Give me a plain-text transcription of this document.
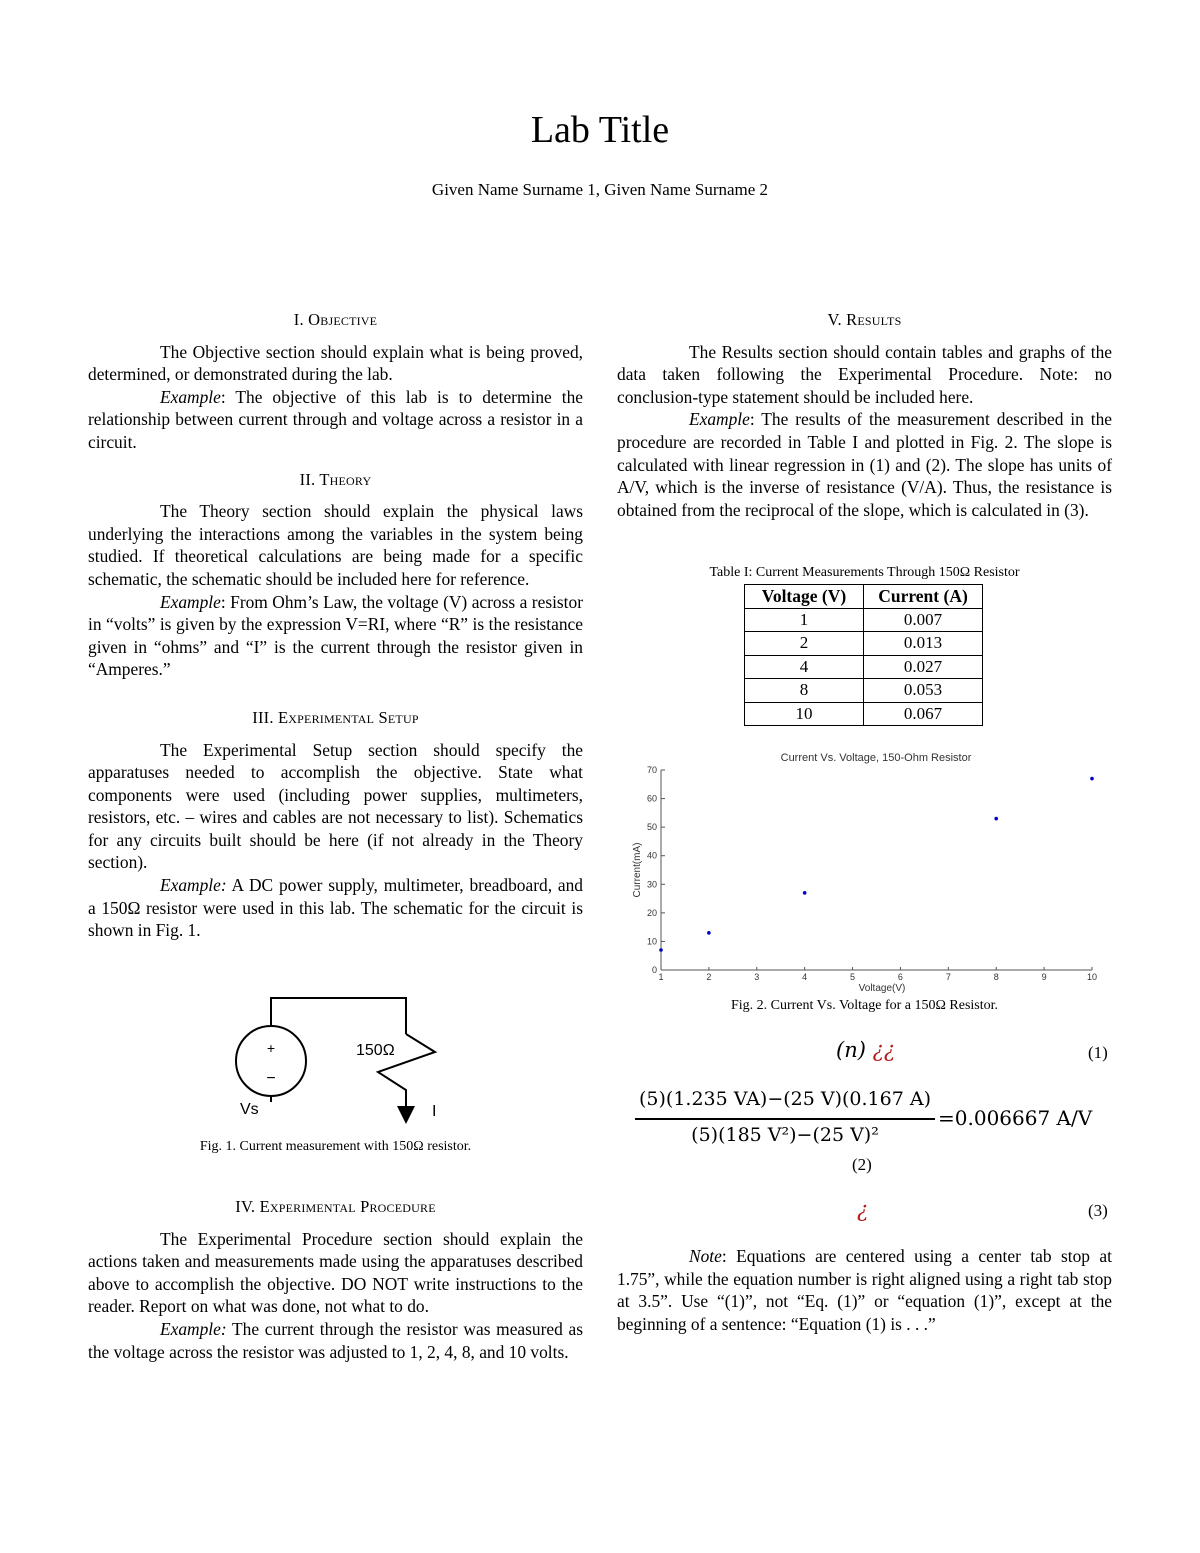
Lab Title
Given Name Surname 1, Given Name Surname 2
I. Objective

The Objective section should explain what is being proved, determined, or demonstrated during the lab.

Example: The objective of this lab is to determine the relationship between current through and voltage across a resistor in a circuit.

II. Theory

The Theory section should explain the physical laws underlying the interactions among the variables in the system being studied. If theoretical calculations are being made for a specific schematic, the schematic should be included here for reference.

Example: From Ohm’s Law, the voltage (V) across a resistor in “volts” is given by the expression V=RI, where “R” is the resistance given in “ohms” and “I” is the current through the resistor given in “Amperes.”

III. Experimental Setup

The Experimental Setup section should specify the apparatuses needed to accomplish the objective. State what components were used (including power supplies, multimeters, resistors, etc. – wires and cables are not necessary to list). Schematics for any circuits built should be here (if not already in the Theory section).

Example: A DC power supply, multimeter, breadboard, and a 150Ω resistor were used in this lab. The schematic for the circuit is shown in Fig. 1.

+
−
Vs
150Ω
I
Fig. 1. Current measurement with 150Ω resistor.
IV. Experimental Procedure

The Experimental Procedure section should explain the actions taken and measurements made using the apparatuses described above to accomplish the objective. DO NOT write instructions to the reader. Report on what was done, not what to do.

Example: The current through the resistor was measured as the voltage across the resistor was adjusted to 1, 2, 4, 8, and 10 volts.

V. Results

The Results section should contain tables and graphs of the data taken following the Experimental Procedure. Note: no conclusion-type statement should be included here.

Example: The results of the measurement described in the procedure are recorded in Table I and plotted in Fig. 2. The slope is calculated with linear regression in (1) and (2). The slope has units of A/V, which is the inverse of resistance (V/A). Thus, the resistance is obtained from the reciprocal of the slope, which is calculated in (3).

Table I: Current Measurements Through 150Ω Resistor
Voltage (V)	Current (A)
1	0.007
2	0.013
4	0.027
8	0.053
10	0.067
Current Vs. Voltage, 150-Ohm Resistor
Voltage(V)
Current(mA)
1	2	3	4	5	6	7	8	9	10
0
10
20
30
40
50
60
70
Fig. 2. Current Vs. Voltage for a 150Ω Resistor.
(n) ¿¿	(1)
(5)(1.235 VA)−(25 V)(0.167 A)
(5)(185 V²)−(25 V)²
=0.006667 A/V
(2)
¿	(3)

Note: Equations are centered using a center tab stop at 1.75”, while the equation number is right aligned using a right tab stop at 3.5”. Use “(1)”, not “Eq. (1)” or “equation (1)”, except at the beginning of a sentence: “Equation (1) is . . .”
